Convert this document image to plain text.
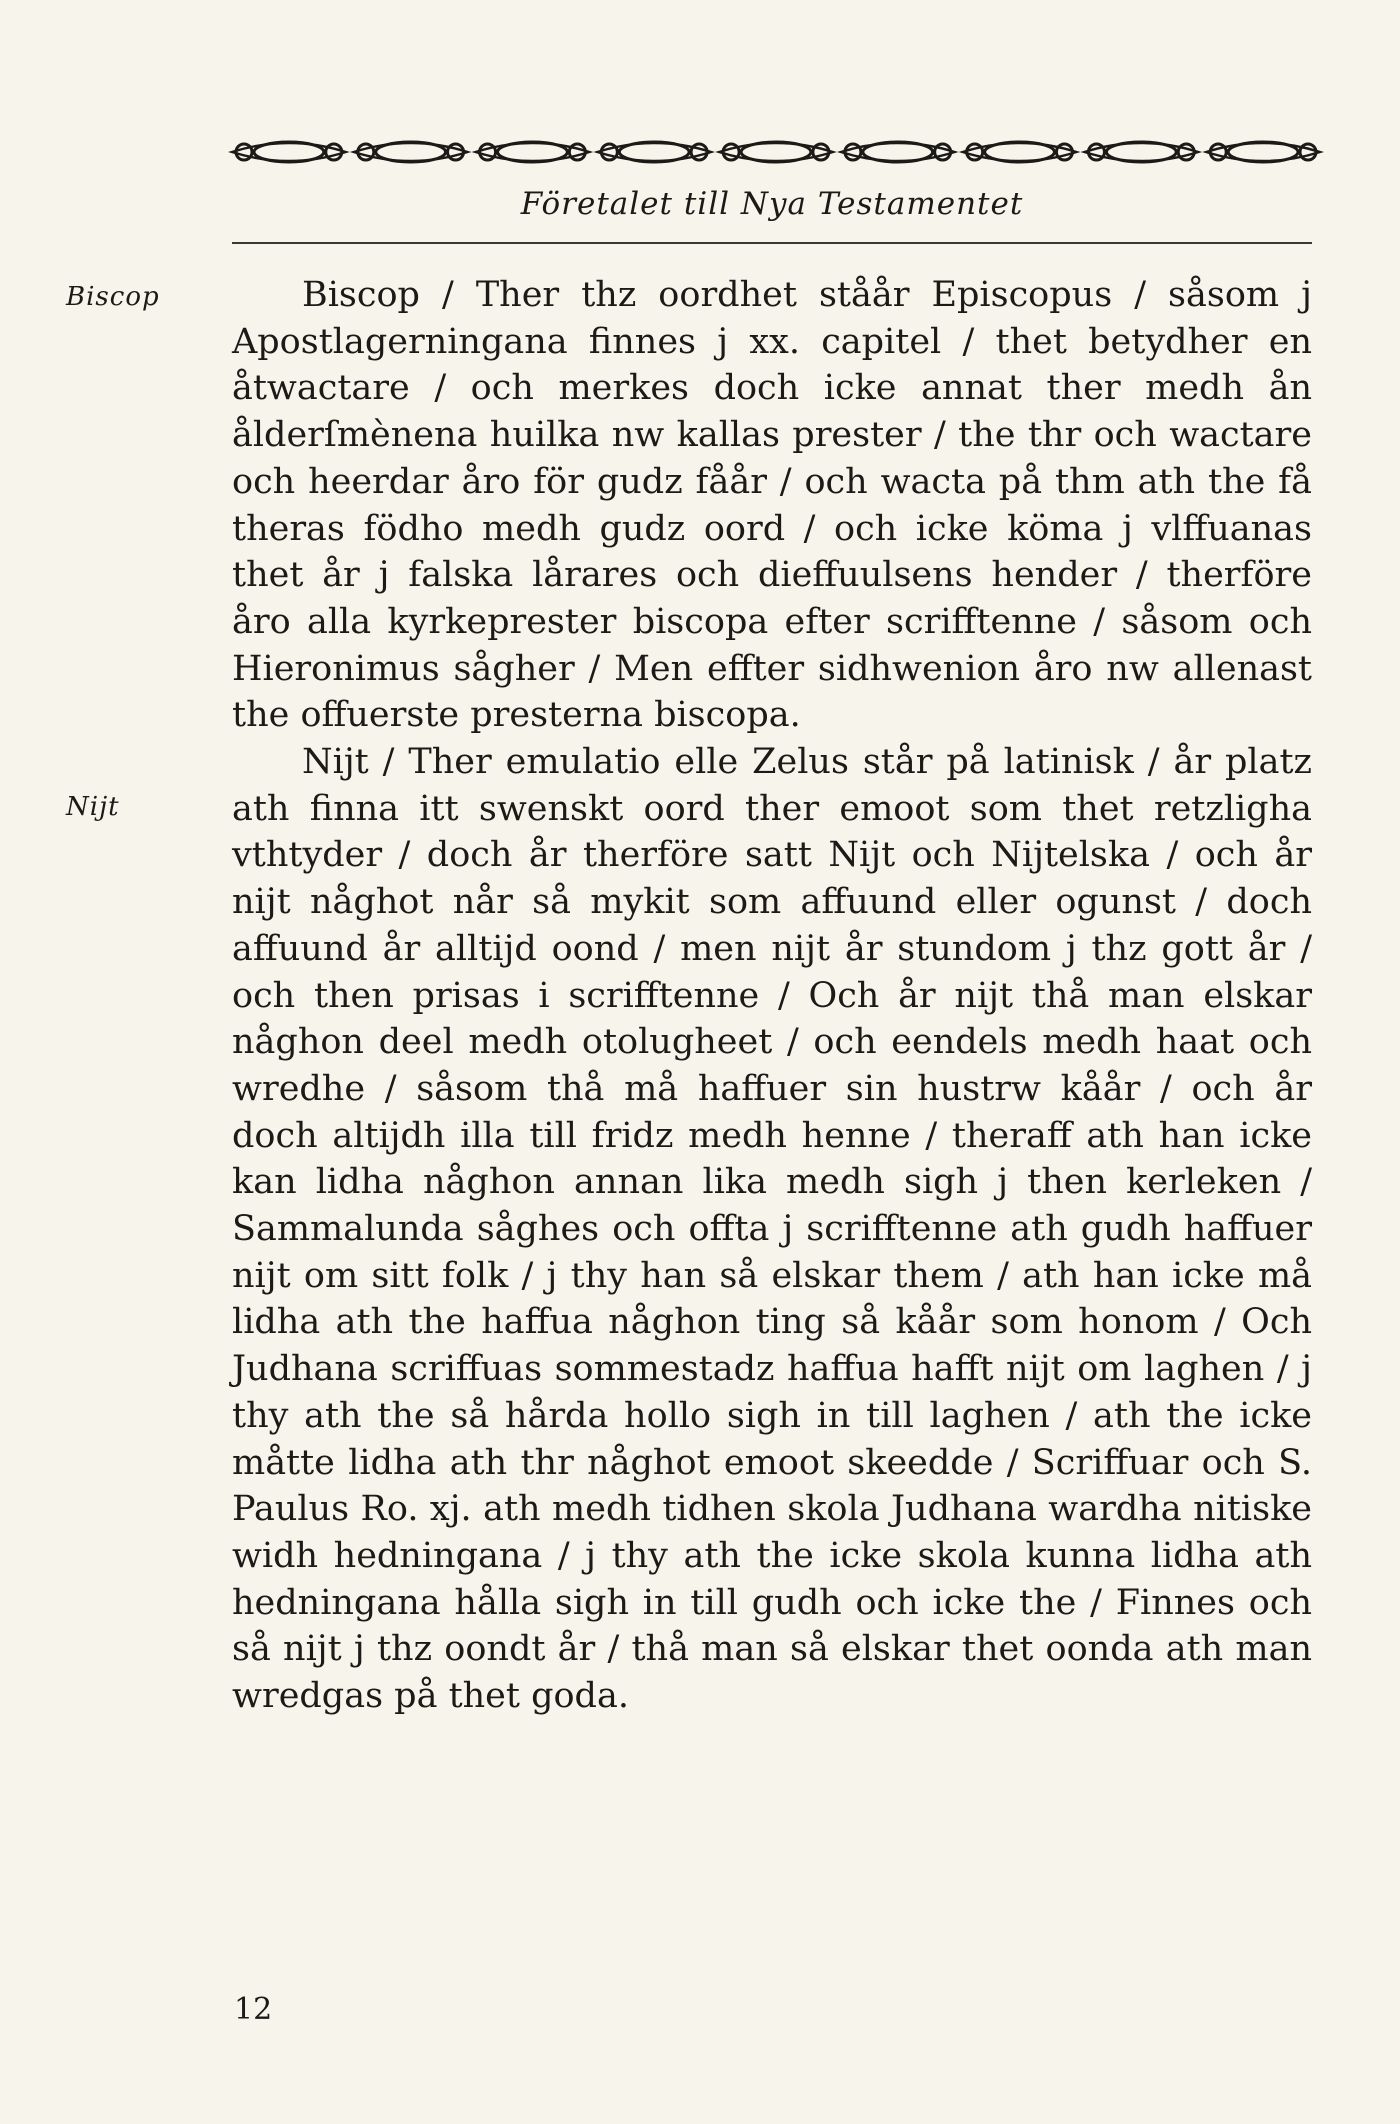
Företalet till Nya Testamentet
Biscop
Nijt

Biscop / Ther thz oordhet ståår Episcopus / såsom j Apostlagerningana finnes j xx. capitel / thet betydher en åtwactare / och merkes doch icke annat ther medh ån ålderſmènena huilka nw kallas prester / the thr och wactare och heerdar åro för gudz fåår / och wacta på thm ath the få theras födho medh gudz oord / och icke köma j vlffuanas thet år j falska lårares och dieffuulsens hender / therföre åro alla kyrkeprester biscopa efter scrifftenne / såsom och Hieronimus sågher / Men effter sidhwenion åro nw allenast the offuerste presterna biscopa.

Nijt / Ther emulatio elle Zelus står på latinisk / år platz ath finna itt swenskt oord ther emoot som thet retzligha vthtyder / doch år therföre satt Nijt och Nijtelska / och år nijt någhot når så mykit som affuund eller ogunst / doch affuund år alltijd oond / men nijt år stundom j thz gott år / och then prisas i scrifftenne / Och år nijt thå man elskar någhon deel medh otolugheet / och eendels medh haat och wredhe / såsom thå må haffuer sin hustrw kåår / och år doch altijdh illa till fridz medh henne / theraff ath han icke kan lidha någhon annan lika medh sigh j then kerleken / Sammalunda såghes och offta j scrifftenne ath gudh haffuer nijt om sitt folk / j thy han så elskar them / ath han icke må lidha ath the haffua någhon ting så kåår som honom / Och Judhana scriffuas sommestadz haffua hafft nijt om laghen / j thy ath the så hårda hollo sigh in till laghen / ath the icke måtte lidha ath thr någhot emoot skeedde / Scriffuar och S. Paulus Ro. xj. ath medh tidhen skola Judhana wardha nitiske widh hedningana / j thy ath the icke skola kunna lidha ath hedningana hålla sigh in till gudh och icke the / Finnes och så nijt j thz oondt år / thå man så elskar thet oonda ath man wredgas på thet goda.

12
